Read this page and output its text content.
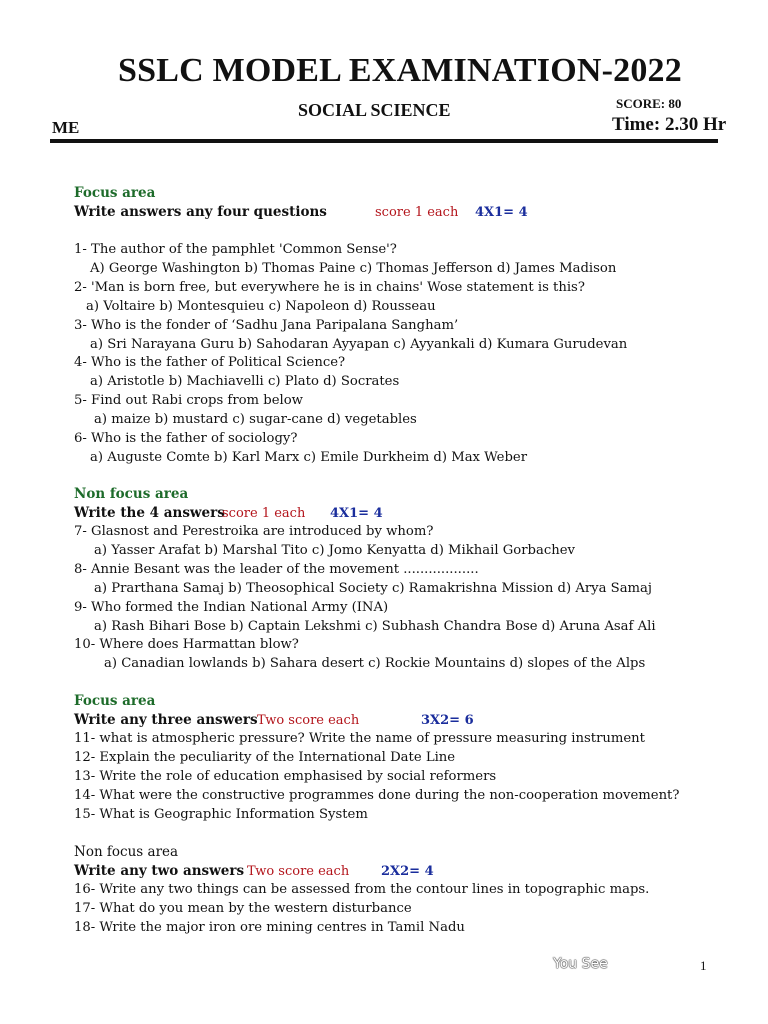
SSLC MODEL EXAMINATION-2022
SOCIAL SCIENCE	SCORE: 80
Time: 2.30 Hr
ME
Focus area
Write answers any four questions	score 1 each 4X1= 4
1- The author of the pamphlet 'Common Sense'?
A) George Washington b) Thomas Paine c) Thomas Jefferson d) James Madison
2- 'Man is born free, but everywhere he is in chains' Wose statement is this?
a) Voltaire b) Montesquieu c) Napoleon d) Rousseau
3- Who is the fonder of ‘Sadhu Jana Paripalana Sangham’
a) Sri Narayana Guru b) Sahodaran Ayyapan c) Ayyankali d) Kumara Gurudevan
4- Who is the father of Political Science?
a) Aristotle b) Machiavelli c) Plato d) Socrates
5- Find out Rabi crops from below
a) maize b) mustard c) sugar-cane d) vegetables
6- Who is the father of sociology?
a) Auguste Comte b) Karl Marx c) Emile Durkheim d) Max Weber
Non focus area
Write the 4 answersscore 1 each 4X1= 4
7- Glasnost and Perestroika are introduced by whom?
a) Yasser Arafat b) Marshal Tito c) Jomo Kenyatta d) Mikhail Gorbachev
8- Annie Besant was the leader of the movement ..................
a) Prarthana Samaj b) Theosophical Society c) Ramakrishna Mission d) Arya Samaj
9- Who formed the Indian National Army (INA)
a) Rash Bihari Bose b) Captain Lekshmi c) Subhash Chandra Bose d) Aruna Asaf Ali
10- Where does Harmattan blow?
a) Canadian lowlands b) Sahara desert c) Rockie Mountains d) slopes of the Alps
Focus area
Write any three answersTwo score each	3X2= 6
11- what is atmospheric pressure? Write the name of pressure measuring instrument
12- Explain the peculiarity of the International Date Line
13- Write the role of education emphasised by social reformers
14- What were the constructive programmes done during the non-cooperation movement?
15- What is Geographic Information System
Non focus area
Write any two answers Two score each 2X2= 4
16- Write any two things can be assessed from the contour lines in topographic maps.
17- What do you mean by the western disturbance
18- Write the major iron ore mining centres in Tamil Nadu
You See	1
